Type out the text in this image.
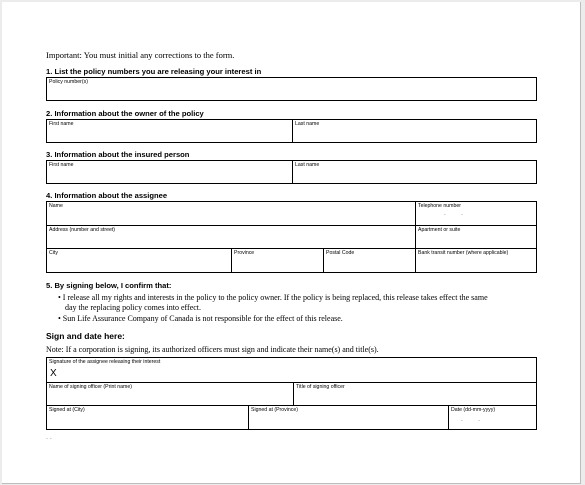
Important: You must initial any corrections to the form.
1. List the policy numbers you are releasing your interest in
Policy number(s)
2. Information about the owner of the policy
First name	Last name
3. Information about the insured person
First name	Last name
4. Information about the assignee
Name	Telephone number
-    -
Address (number and street)	Apartment or suite
City	Province	Postal Code	Bank transit number (where applicable)
5. By signing below, I confirm that:
• I release all my rights and interests in the policy to the policy owner. If the policy is being replaced, this release takes effect the same
day the replacing policy comes into effect.
• Sun Life Assurance Company of Canada is not responsible for the effect of this release.
Sign and date here:
Note: If a corporation is signing, its authorized officers must sign and indicate their name(s) and title(s).
Signature of the assignee releasing their interest
X
Name of signing officer (Print name)	Title of signing officer
Signed at (City)	Signed at (Province)	Date (dd-mm-yyyy)
-    -
- -
